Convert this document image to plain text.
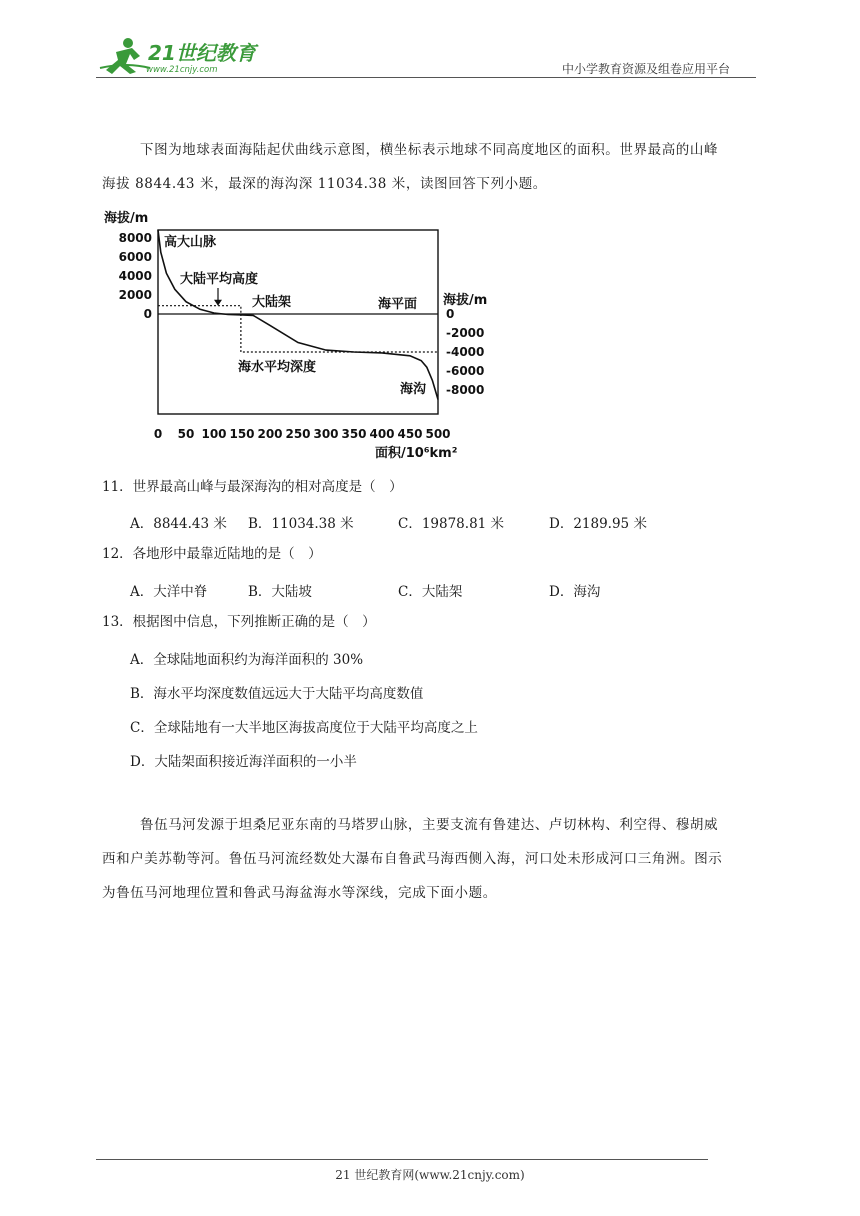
21世纪教育
www.21cnjy.com	中小学教育资源及组卷应用平台
下图为地球表面海陆起伏曲线示意图，横坐标表示地球不同高度地区的面积。世界最高的山峰
海拔 8844.43 米，最深的海沟深 11034.38 米，读图回答下列小题。
海拔/m
海拔/m
面积/10⁶km²
高大山脉
大陆平均高度
大陆架	海平面
海水平均深度
海沟
0 50 100 150 200 250 300 350 400 450 500
8000
6000
4000
2000
0	0
-2000
-4000
-6000
-8000
11．世界最高山峰与最深海沟的相对高度是（　）
A．8844.43 米 B．11034.38 米	C．19878.81 米	D．2189.95 米
12．各地形中最靠近陆地的是（　）
A．大洋中脊	B．大陆坡	C．大陆架	D．海沟
13．根据图中信息，下列推断正确的是（　）
A．全球陆地面积约为海洋面积的 30%
B．海水平均深度数值远远大于大陆平均高度数值
C．全球陆地有一大半地区海拔高度位于大陆平均高度之上
D．大陆架面积接近海洋面积的一小半
鲁伍马河发源于坦桑尼亚东南的马塔罗山脉，主要支流有鲁建达、卢切林构、利空得、穆胡威
西和户美苏勒等河。鲁伍马河流经数处大瀑布自鲁武马海西侧入海，河口处未形成河口三角洲。图示
为鲁伍马河地理位置和鲁武马海盆海水等深线，完成下面小题。
21 世纪教育网(www.21cnjy.com)
